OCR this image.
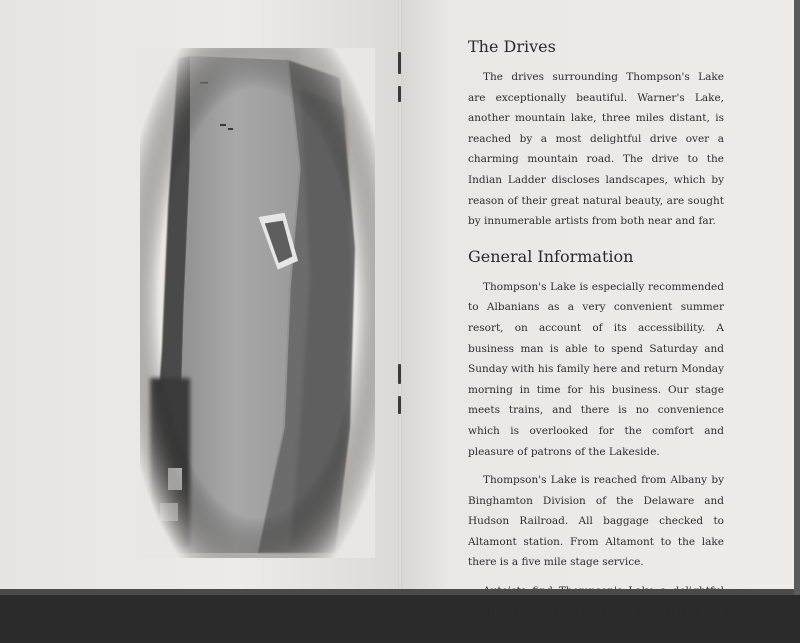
The Drives

The drives surrounding Thompson's Lake are exceptionally beautiful. Warner's Lake, another mountain lake, three miles distant, is reached by a most delightful drive over a charming mountain road. The drive to the Indian Ladder discloses landscapes, which by reason of their great natural beauty, are sought by innumerable artists from both near and far.

General Information

Thompson's Lake is especially recommended to Albanians as a very convenient summer resort, on account of its accessibility. A business man is able to spend Saturday and Sunday with his family here and return Monday morning in time for his business. Our stage meets trains, and there is no convenience which is overlooked for the comfort and pleasure of patrons of the Lakeside.

Thompson's Lake is reached from Albany by Binghamton Division of the Delaware and Hudson Railroad. All baggage checked to Altamont station. From Altamont to the lake there is a five mile stage service.

run from Albany over the newly completed New Salem
